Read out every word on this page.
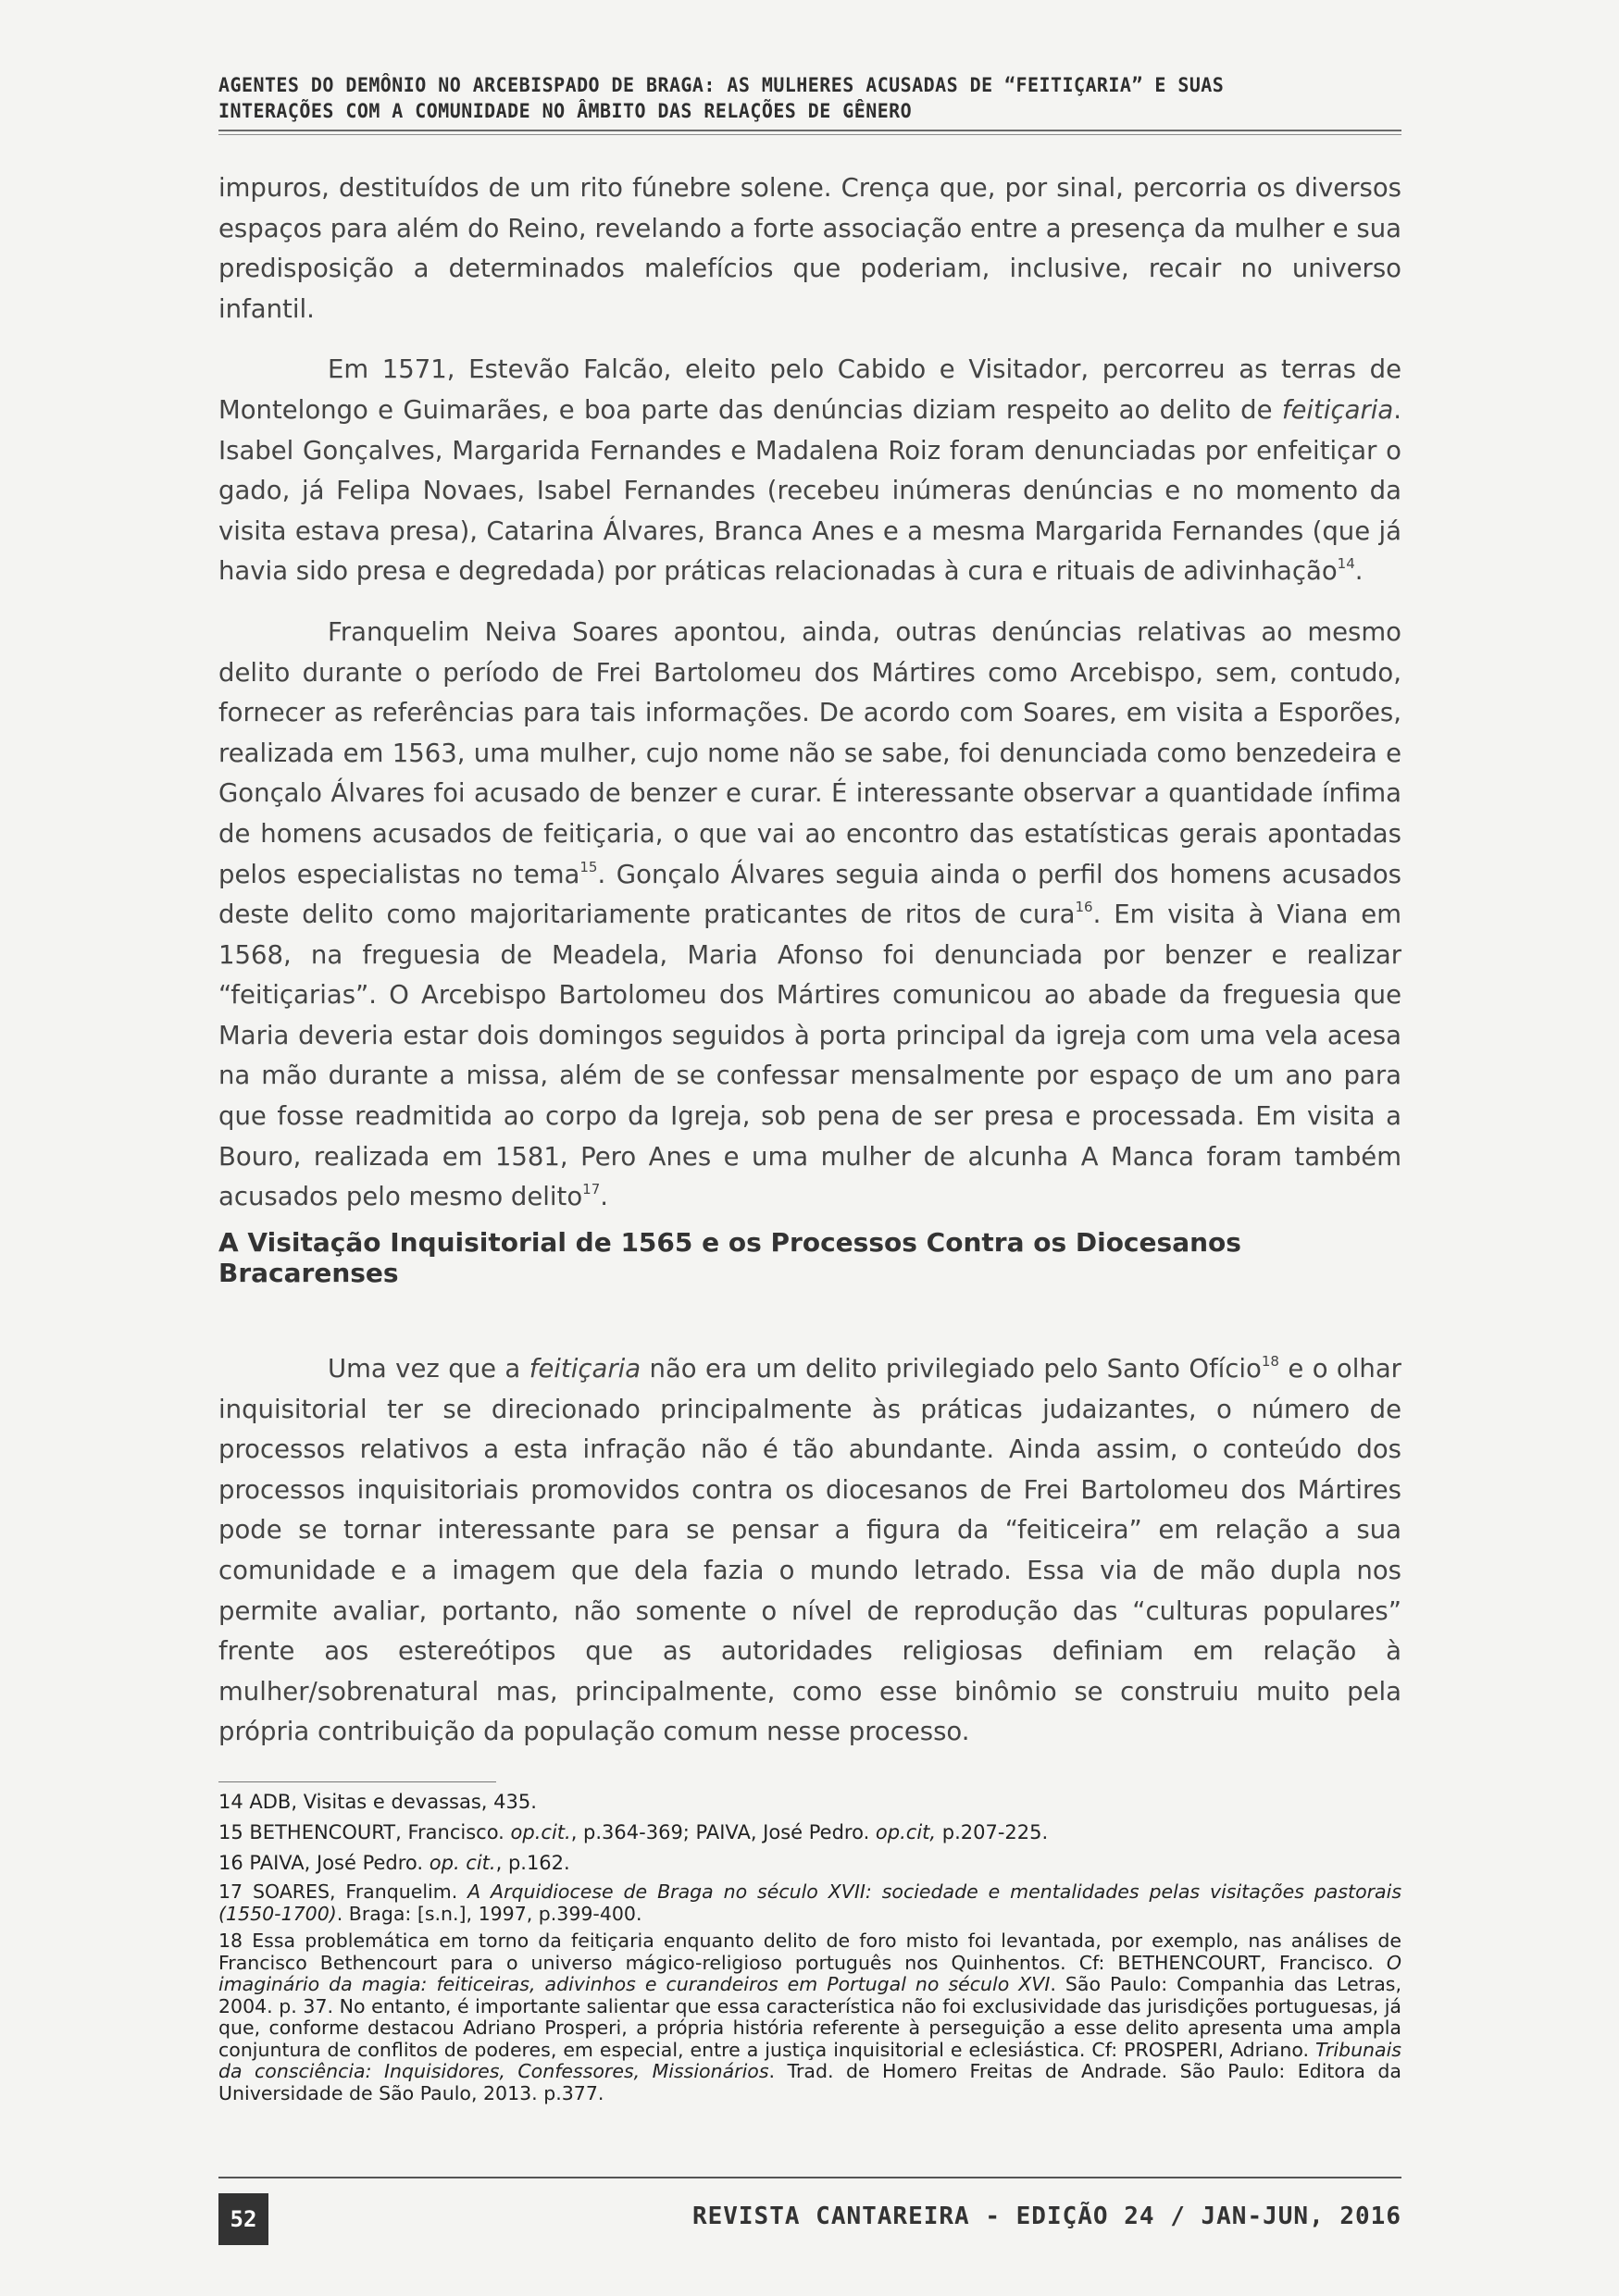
AGENTES DO DEMÔNIO NO ARCEBISPADO DE BRAGA: AS MULHERES ACUSADAS DE “FEITIÇARIA” E SUAS
INTERAÇÕES COM A COMUNIDADE NO ÂMBITO DAS RELAÇÕES DE GÊNERO

impuros, destituídos de um rito fúnebre solene. Crença que, por sinal, percorria os diversos espaços para além do Reino, revelando a forte associação entre a presença da mulher e sua predisposição a determinados malefícios que poderiam, inclusive, recair no universo infantil.

Em 1571, Estevão Falcão, eleito pelo Cabido e Visitador, percorreu as terras de Montelongo e Guimarães, e boa parte das denúncias diziam respeito ao delito de feitiçaria. Isabel Gonçalves, Margarida Fernandes e Madalena Roiz foram denunciadas por enfeitiçar o gado, já Felipa Novaes, Isabel Fernandes (recebeu inúmeras denúncias e no momento da visita estava presa), Catarina Álvares, Branca Anes e a mesma Margarida Fernandes (que já havia sido presa e degredada) por práticas relacionadas à cura e rituais de adivinhação$^{14}$.

Franquelim Neiva Soares apontou, ainda, outras denúncias relativas ao mesmo delito durante o período de Frei Bartolomeu dos Mártires como Arcebispo, sem, contudo, fornecer as referências para tais informações. De acordo com Soares, em visita a Esporões, realizada em 1563, uma mulher, cujo nome não se sabe, foi denunciada como benzedeira e Gonçalo Álvares foi acusado de benzer e curar. É interessante observar a quantidade ínfima de homens acusados de feitiçaria, o que vai ao encontro das estatísticas gerais apontadas pelos especialistas no tema$^{15}$. Gonçalo Álvares seguia ainda o perfil dos homens acusados deste delito como majoritariamente praticantes de ritos de cura$^{16}$. Em visita à Viana em 1568, na freguesia de Meadela, Maria Afonso foi denunciada por benzer e realizar “feitiçarias”. O Arcebispo Bartolomeu dos Mártires comunicou ao abade da freguesia que Maria deveria estar dois domingos seguidos à porta principal da igreja com uma vela acesa na mão durante a missa, além de se confessar mensalmente por espaço de um ano para que fosse readmitida ao corpo da Igreja, sob pena de ser presa e processada. Em visita a Bouro, realizada em 1581, Pero Anes e uma mulher de alcunha A Manca foram também acusados pelo mesmo delito$^{17}$.

A Visitação Inquisitorial de 1565 e os Processos Contra os Diocesanos Bracarenses

Uma vez que a feitiçaria não era um delito privilegiado pelo Santo Ofício$^{18}$ e o olhar inquisitorial ter se direcionado principalmente às práticas judaizantes, o número de processos relativos a esta infração não é tão abundante. Ainda assim, o conteúdo dos processos inquisitoriais promovidos contra os diocesanos de Frei Bartolomeu dos Mártires pode se tornar interessante para se pensar a figura da “feiticeira” em relação a sua comunidade e a imagem que dela fazia o mundo letrado. Essa via de mão dupla nos permite avaliar, portanto, não somente o nível de reprodução das “culturas populares” frente aos estereótipos que as autoridades religiosas definiam em relação à mulher/sobrenatural mas, principalmente, como esse binômio se construiu muito pela própria contribuição da população comum nesse processo.

14 ADB, Visitas e devassas, 435.

15 BETHENCOURT, Francisco. op.cit., p.364-369; PAIVA, José Pedro. op.cit, p.207-225.

16 PAIVA, José Pedro. op. cit., p.162.

17 SOARES, Franquelim. A Arquidiocese de Braga no século XVII: sociedade e mentalidades pelas visitações pastorais (1550-1700). Braga: [s.n.], 1997, p.399-400.

18 Essa problemática em torno da feitiçaria enquanto delito de foro misto foi levantada, por exemplo, nas análises de Francisco Bethencourt para o universo mágico-religioso português nos Quinhentos. Cf: BETHENCOURT, Francisco. O imaginário da magia: feiticeiras, adivinhos e curandeiros em Portugal no século XVI. São Paulo: Companhia das Letras, 2004. p. 37. No entanto, é importante salientar que essa característica não foi exclusividade das jurisdições portuguesas, já que, conforme destacou Adriano Prosperi, a própria história referente à perseguição a esse delito apresenta uma ampla conjuntura de conflitos de poderes, em especial, entre a justiça inquisitorial e eclesiástica. Cf: PROSPERI, Adriano. Tribunais da consciência: Inquisidores, Confessores, Missionários. Trad. de Homero Freitas de Andrade. São Paulo: Editora da Universidade de São Paulo, 2013. p.377.

52	REVISTA CANTAREIRA - EDIÇÃO 24 / JAN-JUN, 2016
